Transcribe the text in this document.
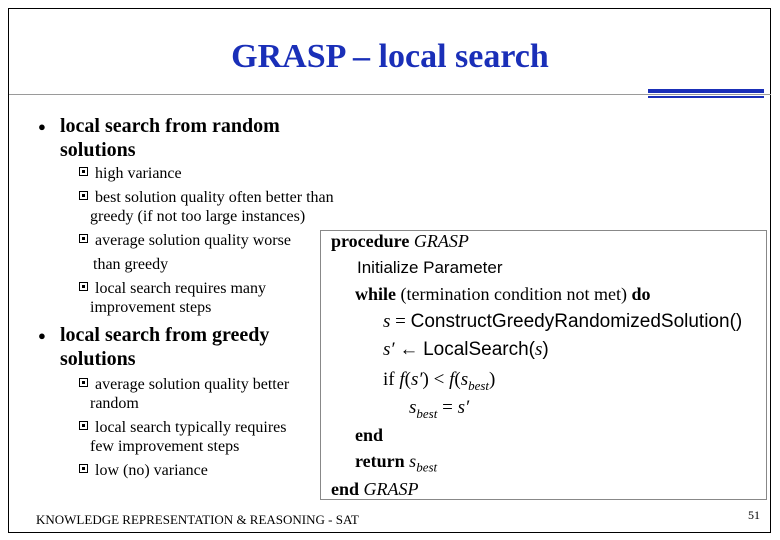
GRASP – local search
● local search from random
solutions
high variance
best solution quality often better than
greedy (if not too large instances)
average solution quality worse
than greedy
local search requires many
improvement steps
● local search from greedy
solutions
average solution quality better
random
local search typically requires
few improvement steps
low (no) variance
procedure GRASP
Initialize Parameter
while (termination condition not met) do
s = ConstructGreedyRandomizedSolution()
s′ ← LocalSearch(s)
if $f(s') < f(s_{best})$
$s_{best} = s'$
end
return $s_{best}$
end GRASP
KNOWLEDGE REPRESENTATION & REASONING - SAT	51
